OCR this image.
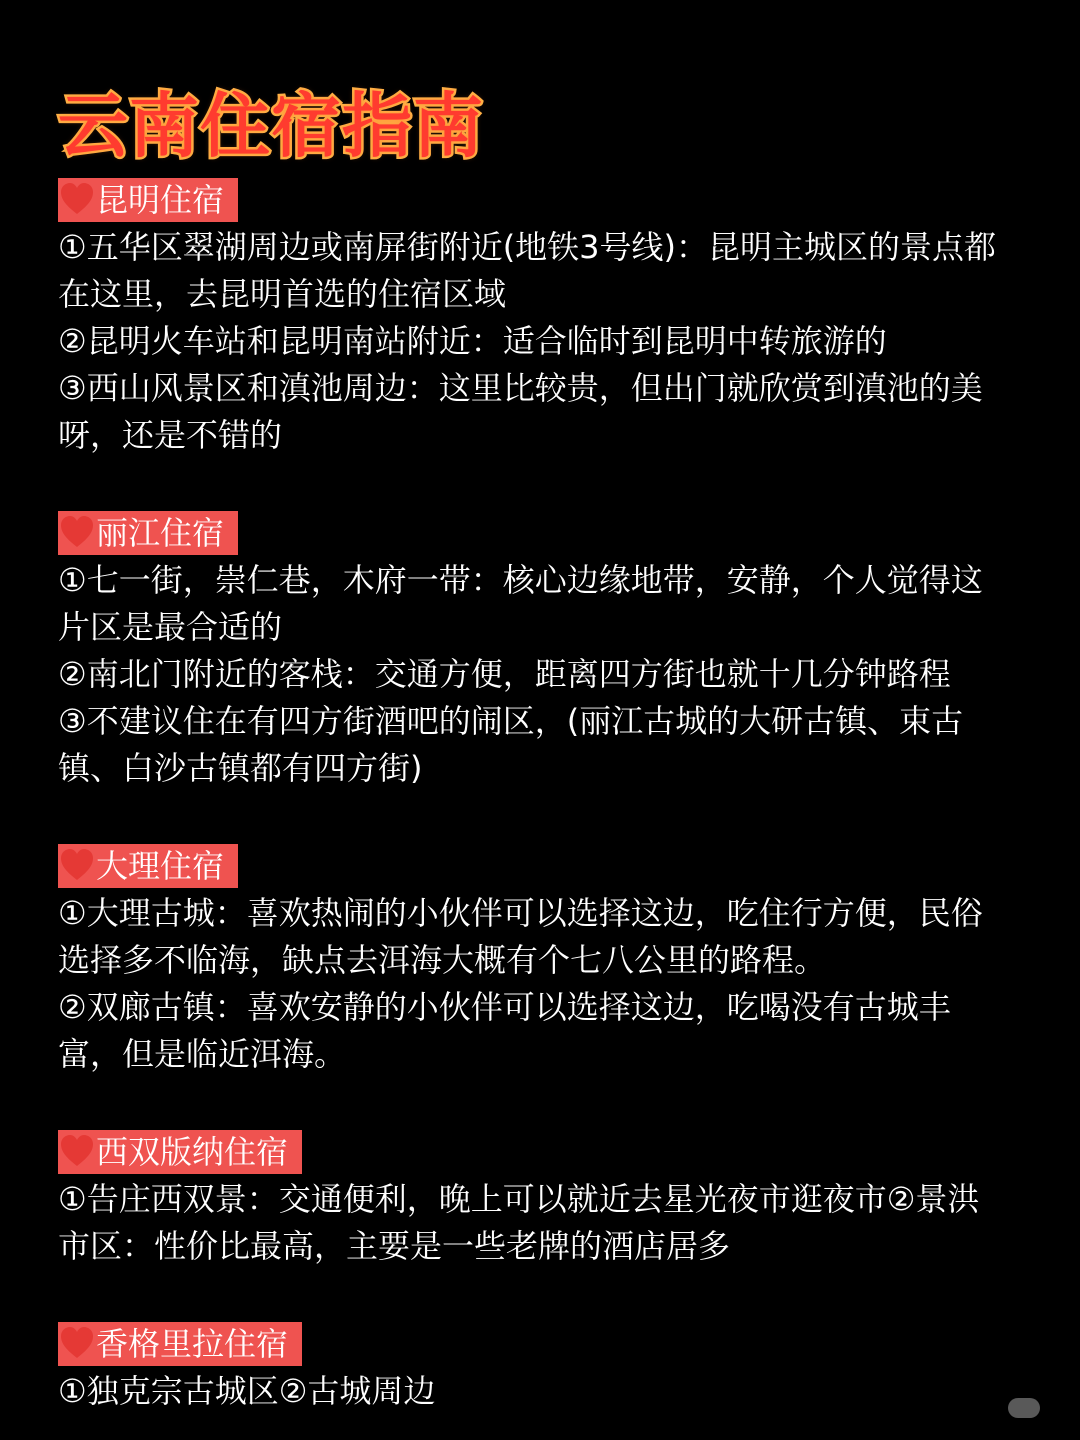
云南住宿指南
昆明住宿

①五华区翠湖周边或南屏街附近(地铁3号线)：昆明主城区的景点都在这里，去昆明首选的住宿区域

②昆明火车站和昆明南站附近：适合临时到昆明中转旅游的

③西山风景区和滇池周边：这里比较贵，但出门就欣赏到滇池的美呀，还是不错的

丽江住宿

①七一街，崇仁巷，木府一带：核心边缘地带，安静，个人觉得这片区是最合适的

②南北门附近的客栈：交通方便，距离四方街也就十几分钟路程

③不建议住在有四方街酒吧的闹区，(丽江古城的大研古镇、束古镇、白沙古镇都有四方街)

大理住宿

①大理古城：喜欢热闹的小伙伴可以选择这边，吃住行方便，民俗选择多不临海，缺点去洱海大概有个七八公里的路程。

②双廊古镇：喜欢安静的小伙伴可以选择这边，吃喝没有古城丰富，但是临近洱海。

西双版纳住宿

①告庄西双景：交通便利，晚上可以就近去星光夜市逛夜市②景洪市区：性价比最高，主要是一些老牌的酒店居多

香格里拉住宿

①独克宗古城区②古城周边
